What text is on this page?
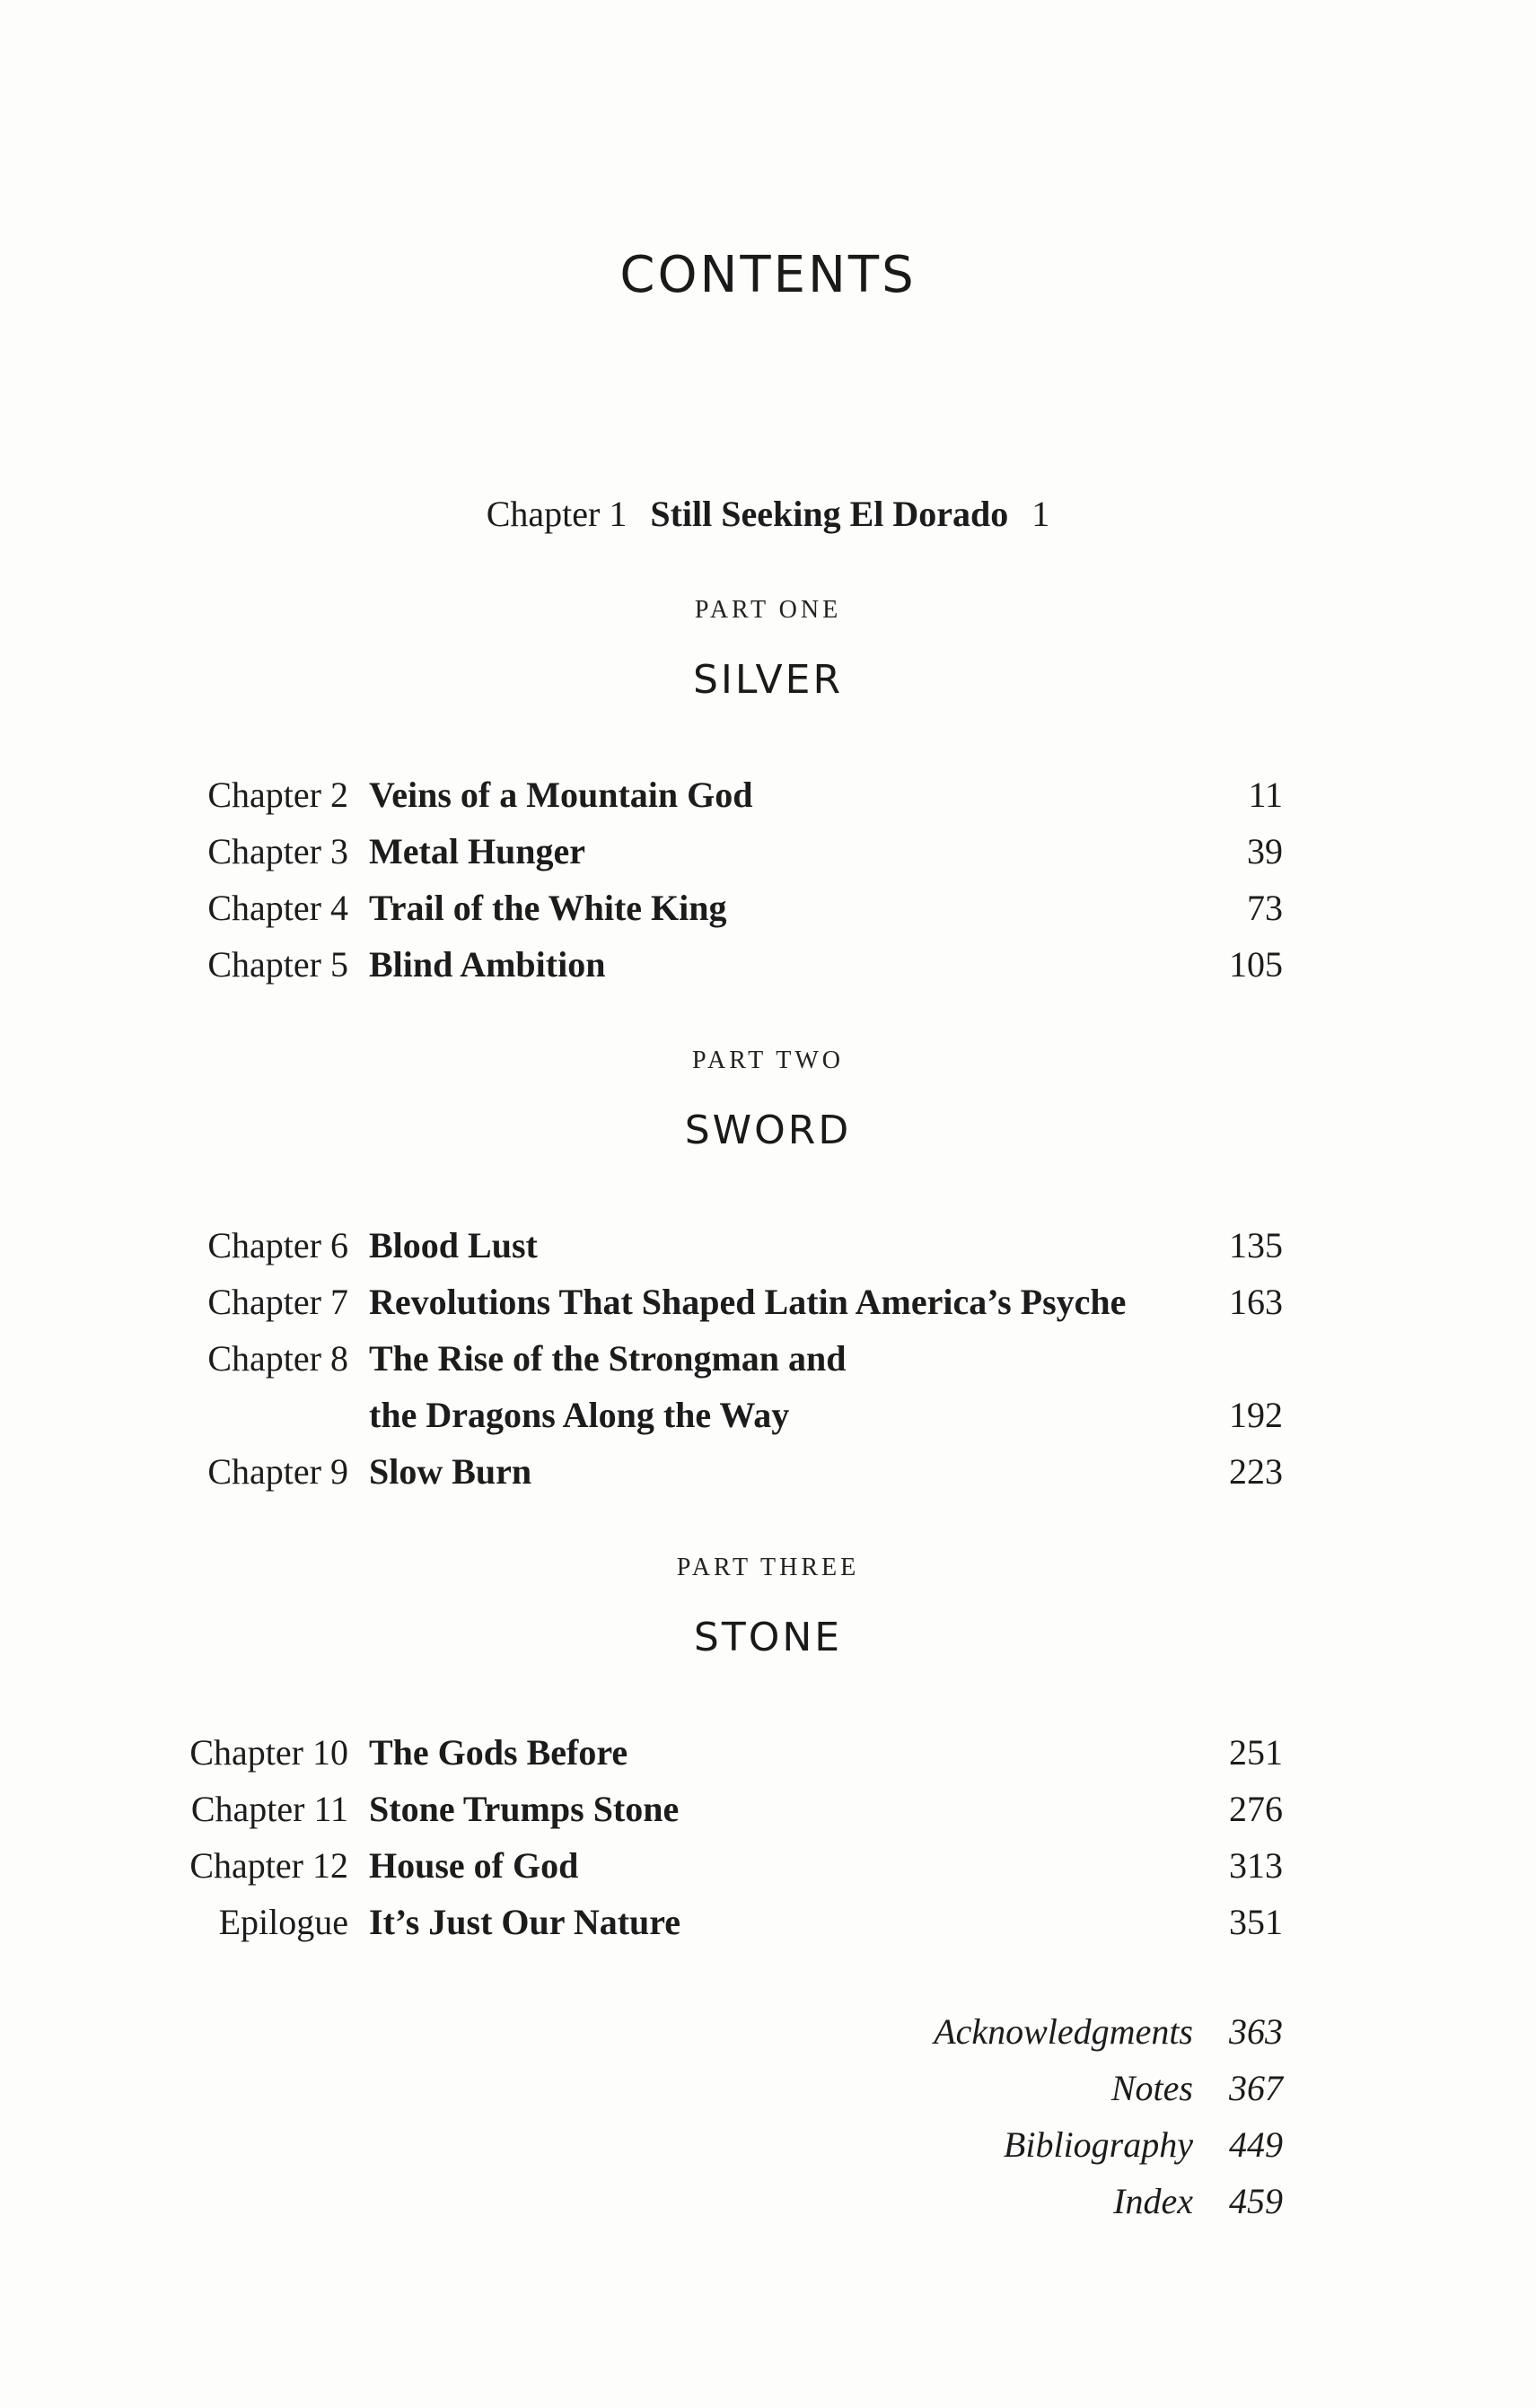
CONTENTS
Chapter 1 Still Seeking El Dorado 1
PART ONE
SILVER
Chapter 2 Veins of a Mountain God	11
Chapter 3 Metal Hunger	39
Chapter 4 Trail of the White King	73
Chapter 5 Blind Ambition	105
PART TWO
SWORD
Chapter 6 Blood Lust	135
Chapter 7 Revolutions That Shaped Latin America’s Psyche	163
Chapter 8 The Rise of the Strongman and
the Dragons Along the Way	192
Chapter 9 Slow Burn	223
PART THREE
STONE
Chapter 10 The Gods Before	251
Chapter 11 Stone Trumps Stone	276
Chapter 12 House of God	313
Epilogue It’s Just Our Nature	351
Acknowledgments 363
Notes 367
Bibliography 449
Index 459
